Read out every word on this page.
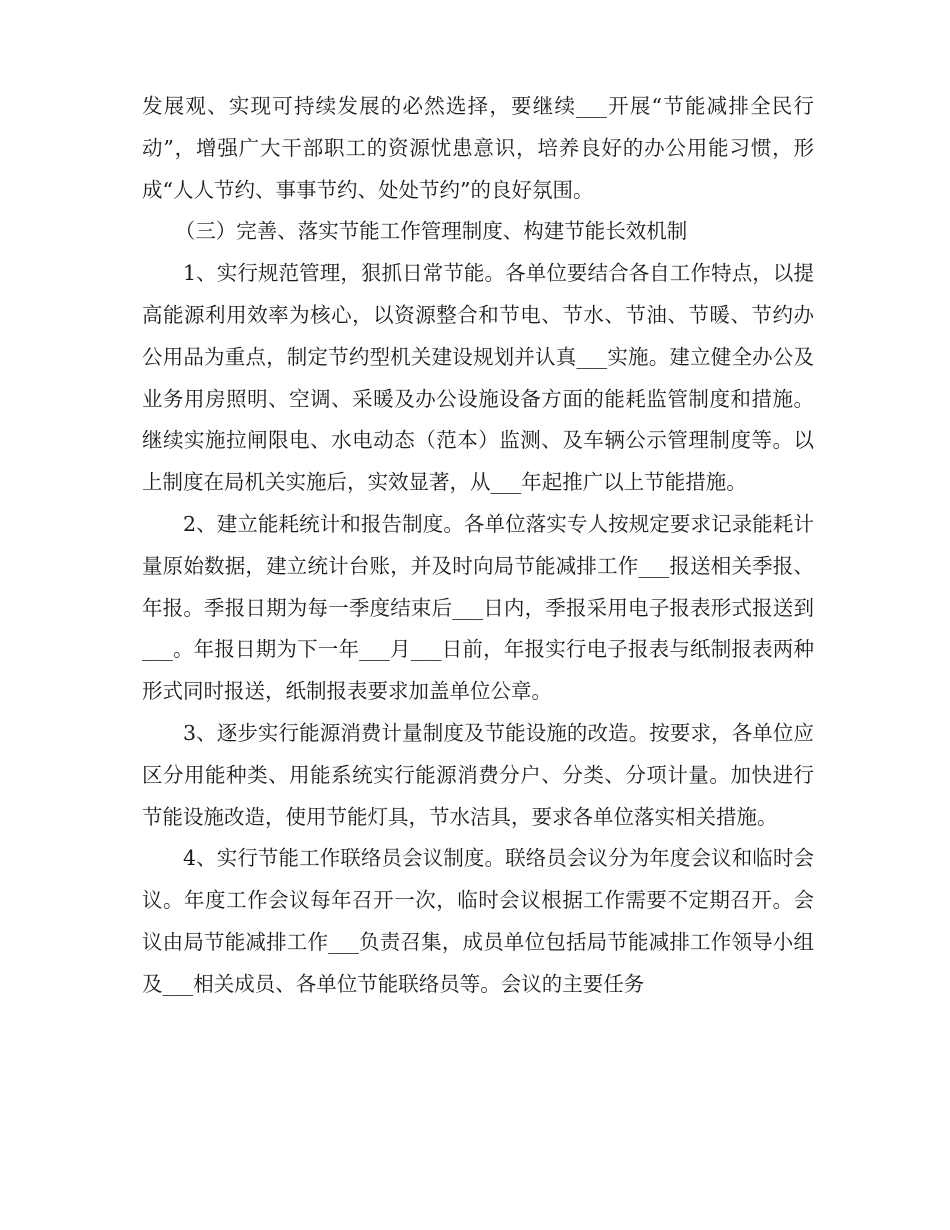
发展观、实现可持续发展的必然选择，要继续___开展“节能减排全民行动”，增强广大干部职工的资源忧患意识，培养良好的办公用能习惯，形成“人人节约、事事节约、处处节约”的良好氛围。

（三）完善、落实节能工作管理制度、构建节能长效机制

1、实行规范管理，狠抓日常节能。各单位要结合各自工作特点，以提高能源利用效率为核心，以资源整合和节电、节水、节油、节暖、节约办公用品为重点，制定节约型机关建设规划并认真___实施。建立健全办公及业务用房照明、空调、采暖及办公设施设备方面的能耗监管制度和措施。继续实施拉闸限电、水电动态（范本）监测、及车辆公示管理制度等。以上制度在局机关实施后，实效显著，从___年起推广以上节能措施。

2、建立能耗统计和报告制度。各单位落实专人按规定要求记录能耗计量原始数据，建立统计台账，并及时向局节能减排工作___报送相关季报、年报。季报日期为每一季度结束后___日内，季报采用电子报表形式报送到___。年报日期为下一年___月___日前，年报实行电子报表与纸制报表两种形式同时报送，纸制报表要求加盖单位公章。

3、逐步实行能源消费计量制度及节能设施的改造。按要求，各单位应区分用能种类、用能系统实行能源消费分户、分类、分项计量。加快进行节能设施改造，使用节能灯具，节水洁具，要求各单位落实相关措施。

4、实行节能工作联络员会议制度。联络员会议分为年度会议和临时会议。年度工作会议每年召开一次，临时会议根据工作需要不定期召开。会议由局节能减排工作___负责召集，成员单位包括局节能减排工作领导小组及___相关成员、各单位节能联络员等。会议的主要任务
